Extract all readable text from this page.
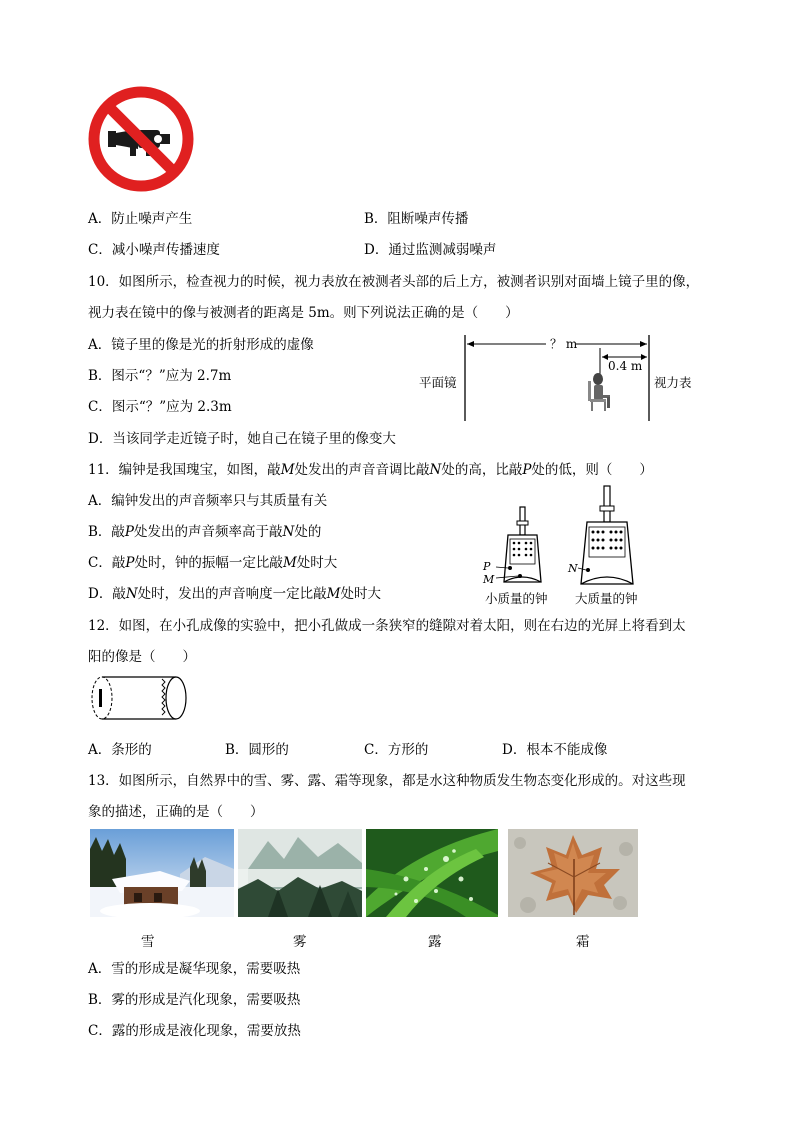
A．防止噪声产生	B．阻断噪声传播
C．减小噪声传播速度	D．通过监测减弱噪声
10．如图所示，检查视力的时候，视力表放在被测者头部的后上方，被测者识别对面墙上镜子里的像，
视力表在镜中的像与被测者的距离是 5m。则下列说法正确的是（　　）
A．镜子里的像是光的折射形成的虚像
B．图示“？”应为 2.7m
C．图示“？”应为 2.3m
D．当该同学走近镜子时，她自己在镜子里的像变大
平面镜	视力表
？ m
0.4 m
11．编钟是我国瑰宝，如图，敲M处发出的声音音调比敲N处的高，比敲P处的低，则（　　）
A．编钟发出的声音频率只与其质量有关
B．敲P处发出的声音频率高于敲N处的
C．敲P处时，钟的振幅一定比敲M处时大
D．敲N处时，发出的声音响度一定比敲M处时大
P
M
N
小质量的钟 大质量的钟
12．如图，在小孔成像的实验中，把小孔做成一条狭窄的缝隙对着太阳，则在右边的光屏上将看到太
阳的像是（　　）
A．条形的	B．圆形的	C．方形的	D．根本不能成像
13．如图所示，自然界中的雪、雾、露、霜等现象，都是水这种物质发生物态变化形成的。对这些现
象的描述，正确的是（　　）
雪	雾	露	霜
A．雪的形成是凝华现象，需要吸热
B．雾的形成是汽化现象，需要吸热
C．露的形成是液化现象，需要放热
